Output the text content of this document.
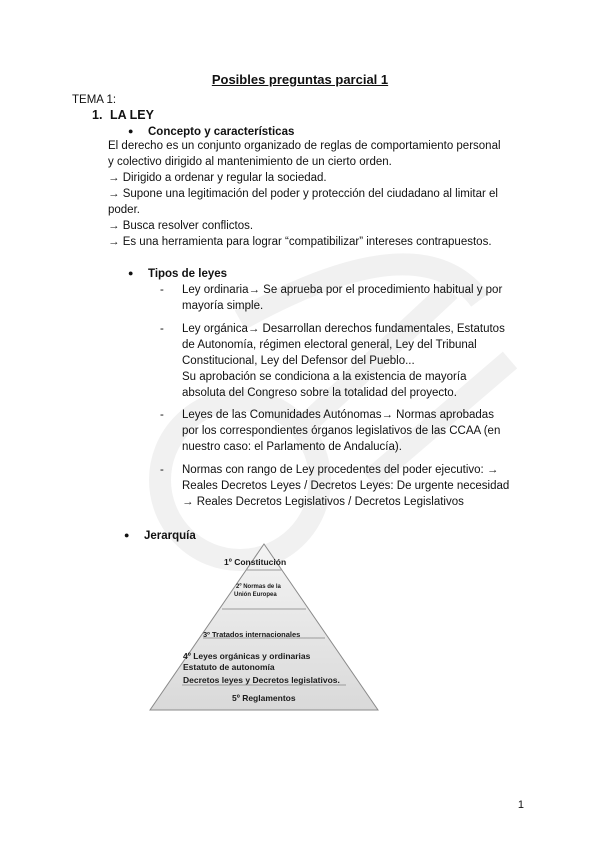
Posibles preguntas parcial 1
TEMA 1:
1. LA LEY
● Concepto y características
El derecho es un conjunto organizado de reglas de comportamiento personal
y colectivo dirigido al mantenimiento de un cierto orden.
→ Dirigido a ordenar y regular la sociedad.
→ Supone una legitimación del poder y protección del ciudadano al limitar el
poder.
→ Busca resolver conflictos.
→ Es una herramienta para lograr “compatibilizar” intereses contrapuestos.
● Tipos de leyes
- Ley ordinaria→ Se aprueba por el procedimiento habitual y por
mayoría simple.
- Ley orgánica→ Desarrollan derechos fundamentales, Estatutos
de Autonomía, régimen electoral general, Ley del Tribunal
Constitucional, Ley del Defensor del Pueblo...
Su aprobación se condiciona a la existencia de mayoría
absoluta del Congreso sobre la totalidad del proyecto.
- Leyes de las Comunidades Autónomas→ Normas aprobadas
por los correspondientes órganos legislativos de las CCAA (en
nuestro caso: el Parlamento de Andalucía).
- Normas con rango de Ley procedentes del poder ejecutivo: →
Reales Decretos Leyes / Decretos Leyes: De urgente necesidad
→ Reales Decretos Legislativos / Decretos Legislativos
● Jerarquía
1º Constitución
2º Normas de la
Unión Europea
3º Tratados internacionales
4º Leyes orgánicas y ordinarias
Estatuto de autonomía
Decretos leyes y Decretos legislativos.
5º Reglamentos
1
